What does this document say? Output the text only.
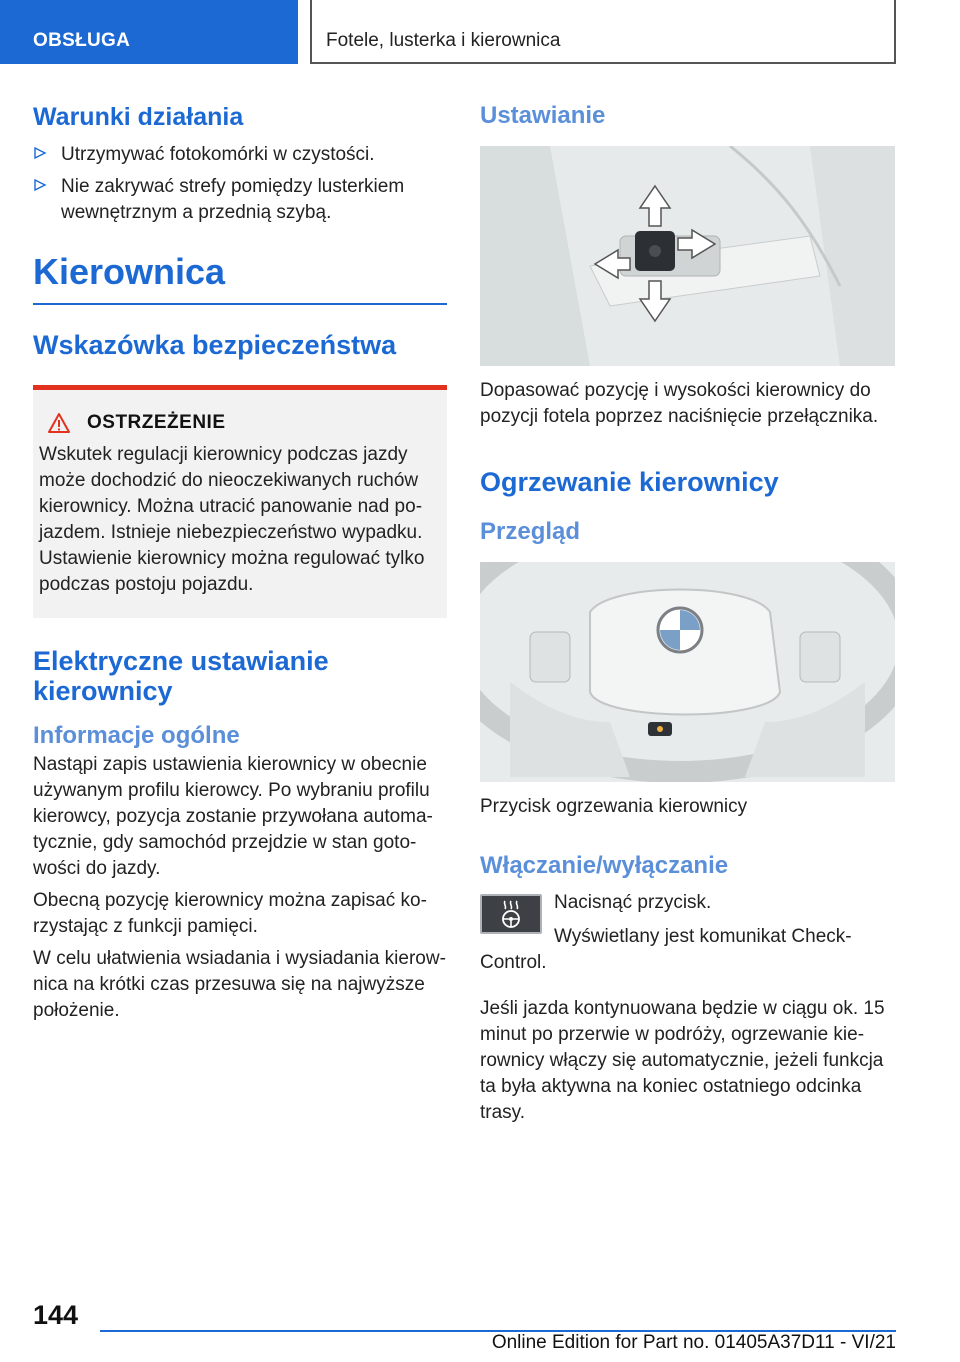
OBSŁUGA	Fotele, lusterka i kierownica
Warunki działania
Utrzymywać fotokomórki w czystości.
Nie zakrywać strefy pomiędzy lusterkiem wewnętrznym a przednią szybą.
Kierownica
Wskazówka bezpieczeństwa
OSTRZEŻENIE
Wskutek regulacji kierownicy podczas jazdy może dochodzić do nieoczekiwanych ruchów kierownicy. Można utracić panowanie nad po-jazdem. Istnieje niebezpieczeństwo wypadku. Ustawienie kierownicy można regulować tylko podczas postoju pojazdu.
Elektryczne ustawianie kierownicy
Informacje ogólne
Nastąpi zapis ustawienia kierownicy w obecnie używanym profilu kierowcy. Po wybraniu profilu kierowcy, pozycja zostanie przywołana automa-tycznie, gdy samochód przejdzie w stan goto-wości do jazdy.
Obecną pozycję kierownicy można zapisać ko-rzystając z funkcji pamięci.
W celu ułatwienia wsiadania i wysiadania kierow-nica na krótki czas przesuwa się na najwyższe położenie.
Ustawianie
Dopasować pozycję i wysokości kierownicy do pozycji fotela poprzez naciśnięcie przełącznika.
Ogrzewanie kierownicy
Przegląd
Przycisk ogrzewania kierownicy
Włączanie/wyłączanie
Nacisnąć przycisk.
Wyświetlany jest komunikat Check-Control.
Jeśli jazda kontynuowana będzie w ciągu ok. 15 minut po przerwie w podróży, ogrzewanie kie-rownicy włączy się automatycznie, jeżeli funkcja ta była aktywna na koniec ostatniego odcinka trasy.
144
Online Edition for Part no. 01405A37D11 - VI/21
